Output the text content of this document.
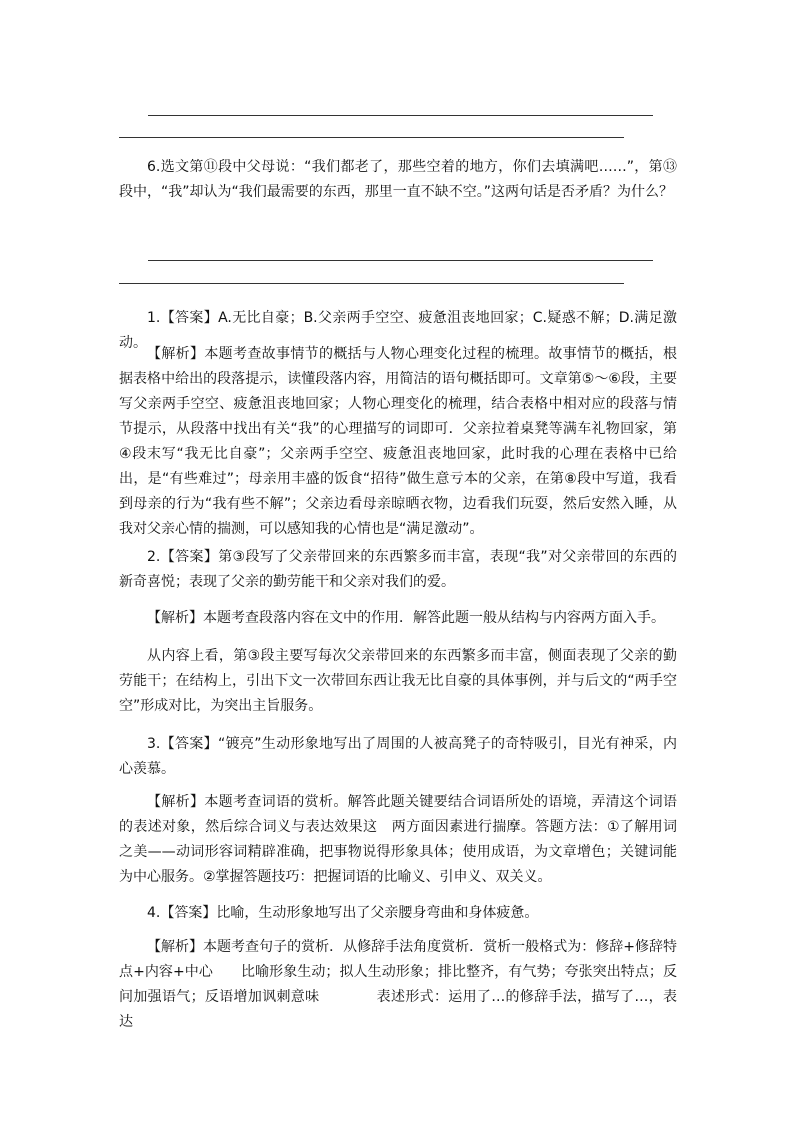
6.选文第⑪段中父母说：“我们都老了，那些空着的地方，你们去填满吧……”，第⑬段中，“我”却认为“我们最需要的东西，那里一直不缺不空。”这两句话是否矛盾？为什么？

1.【答案】A.无比自豪；B.父亲两手空空、疲惫沮丧地回家；C.疑惑不解；D.满足激动。

【解析】本题考查故事情节的概括与人物心理变化过程的梳理。故事情节的概括，根据表格中给出的段落提示，读懂段落内容，用简洁的语句概括即可。文章第⑤～⑥段，主要写父亲两手空空、疲惫沮丧地回家；人物心理变化的梳理，结合表格中相对应的段落与情节提示，从段落中找出有关“我”的心理描写的词即可．父亲拉着桌凳等满车礼物回家，第④段末写“我无比自豪”；父亲两手空空、疲惫沮丧地回家，此时我的心理在表格中已给出，是“有些难过”；母亲用丰盛的饭食“招待”做生意亏本的父亲，在第⑧段中写道，我看到母亲的行为“我有些不解”；父亲边看母亲晾晒衣物，边看我们玩耍，然后安然入睡，从我对父亲心情的揣测，可以感知我的心情也是“满足激动”。

2.【答案】第③段写了父亲带回来的东西繁多而丰富，表现“我”对父亲带回的东西的新奇喜悦；表现了父亲的勤劳能干和父亲对我们的爱。

【解析】本题考查段落内容在文中的作用．解答此题一般从结构与内容两方面入手。

从内容上看，第③段主要写每次父亲带回来的东西繁多而丰富，侧面表现了父亲的勤劳能干；在结构上，引出下文一次带回东西让我无比自豪的具体事例，并与后文的“两手空空”形成对比，为突出主旨服务。

3.【答案】“镀亮”生动形象地写出了周围的人被高凳子的奇特吸引，目光有神采，内心羡慕。

【解析】本题考查词语的赏析。解答此题关键要结合词语所处的语境，弄清这个词语的表述对象，然后综合词义与表达效果这　两方面因素进行揣摩。答题方法：①了解用词之美——动词形容词精辟准确，把事物说得形象具体；使用成语，为文章增色；关键词能为中心服务。②掌握答题技巧：把握词语的比喻义、引申义、双关义。

4.【答案】比喻，生动形象地写出了父亲腰身弯曲和身体疲惫。

【解析】本题考查句子的赏析．从修辞手法角度赏析．赏析一般格式为：修辞+修辞特点+内容+中心　　比喻形象生动；拟人生动形象；排比整齐，有气势；夸张突出特点；反问加强语气；反语增加讽刺意味　　　　表述形式：运用了…的修辞手法，描写了…，表达
